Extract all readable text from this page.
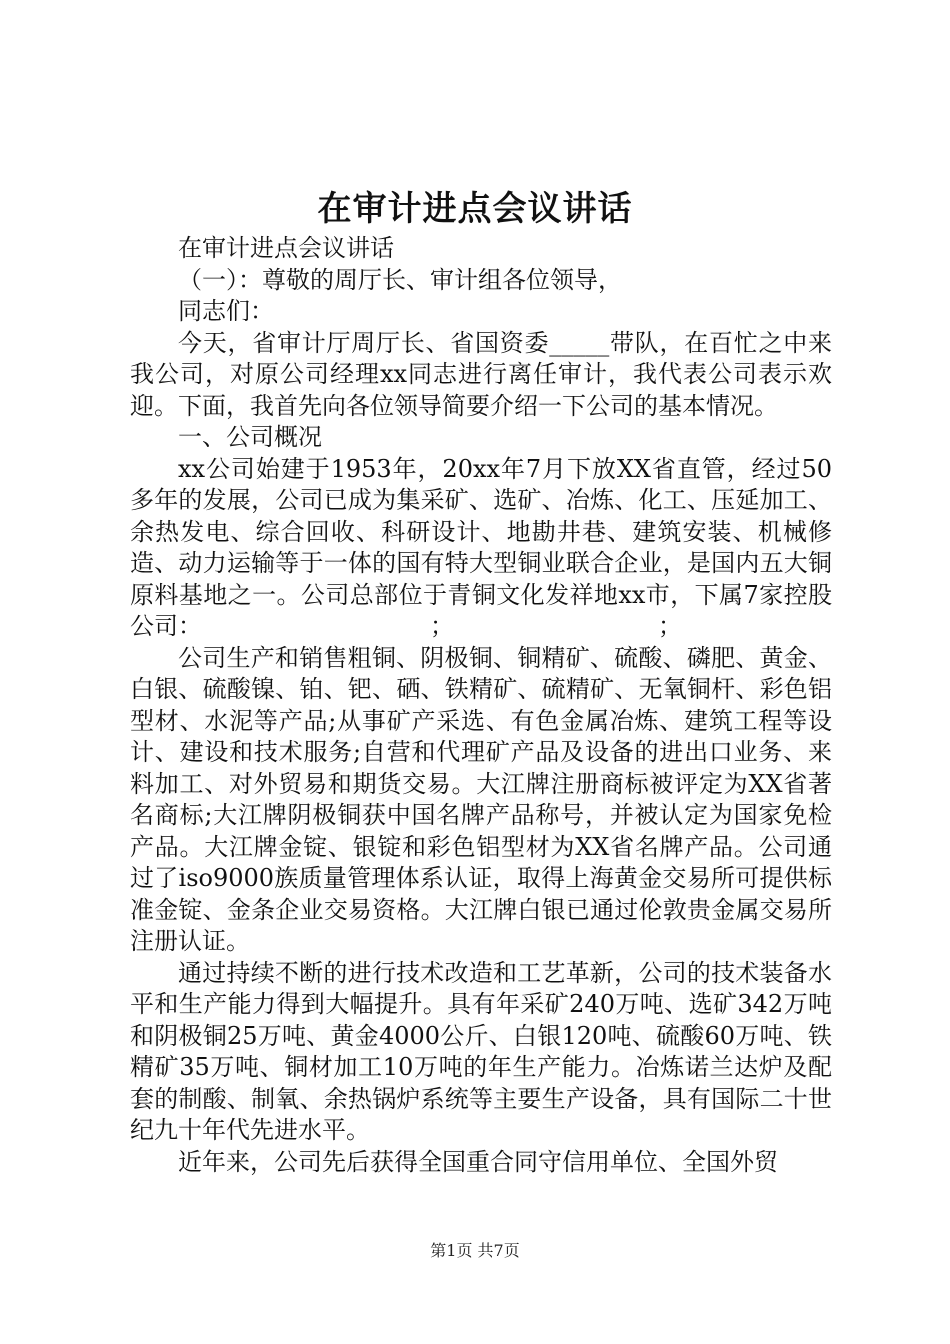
在审计进点会议讲话

在审计进点会议讲话

（一）：尊敬的周厅长、审计组各位领导，

同志们：

今天，省审计厅周厅长、省国资委_____带队，在百忙之中来我公司，对原公司经理xx同志进行离任审计，我代表公司表示欢迎。下面，我首先向各位领导简要介绍一下公司的基本情况。

一、公司概况

xx公司始建于1953年，20xx年7月下放XX省直管，经过50多年的发展，公司已成为集采矿、选矿、冶炼、化工、压延加工、余热发电、综合回收、科研设计、地勘井巷、建筑安装、机械修造、动力运输等于一体的国有特大型铜业联合企业，是国内五大铜原料基地之一。公司总部位于青铜文化发祥地xx市，下属7家控股公司：　　　　　　　　　　；　　　　　　　　　；

公司生产和销售粗铜、阴极铜、铜精矿、硫酸、磷肥、黄金、白银、硫酸镍、铂、钯、硒、铁精矿、硫精矿、无氧铜杆、彩色铝型材、水泥等产品;从事矿产采选、有色金属冶炼、建筑工程等设计、建设和技术服务;自营和代理矿产品及设备的进出口业务、来料加工、对外贸易和期货交易。大江牌注册商标被评定为XX省著名商标;大江牌阴极铜获中国名牌产品称号，并被认定为国家免检产品。大江牌金锭、银锭和彩色铝型材为XX省名牌产品。公司通过了iso9000族质量管理体系认证，取得上海黄金交易所可提供标准金锭、金条企业交易资格。大江牌白银已通过伦敦贵金属交易所注册认证。

通过持续不断的进行技术改造和工艺革新，公司的技术装备水平和生产能力得到大幅提升。具有年采矿240万吨、选矿342万吨和阴极铜25万吨、黄金4000公斤、白银120吨、硫酸60万吨、铁精矿35万吨、铜材加工10万吨的年生产能力。冶炼诺兰达炉及配套的制酸、制氧、余热锅炉系统等主要生产设备，具有国际二十世纪九十年代先进水平。

近年来，公司先后获得全国重合同守信用单位、全国外贸

第1页 共7页
